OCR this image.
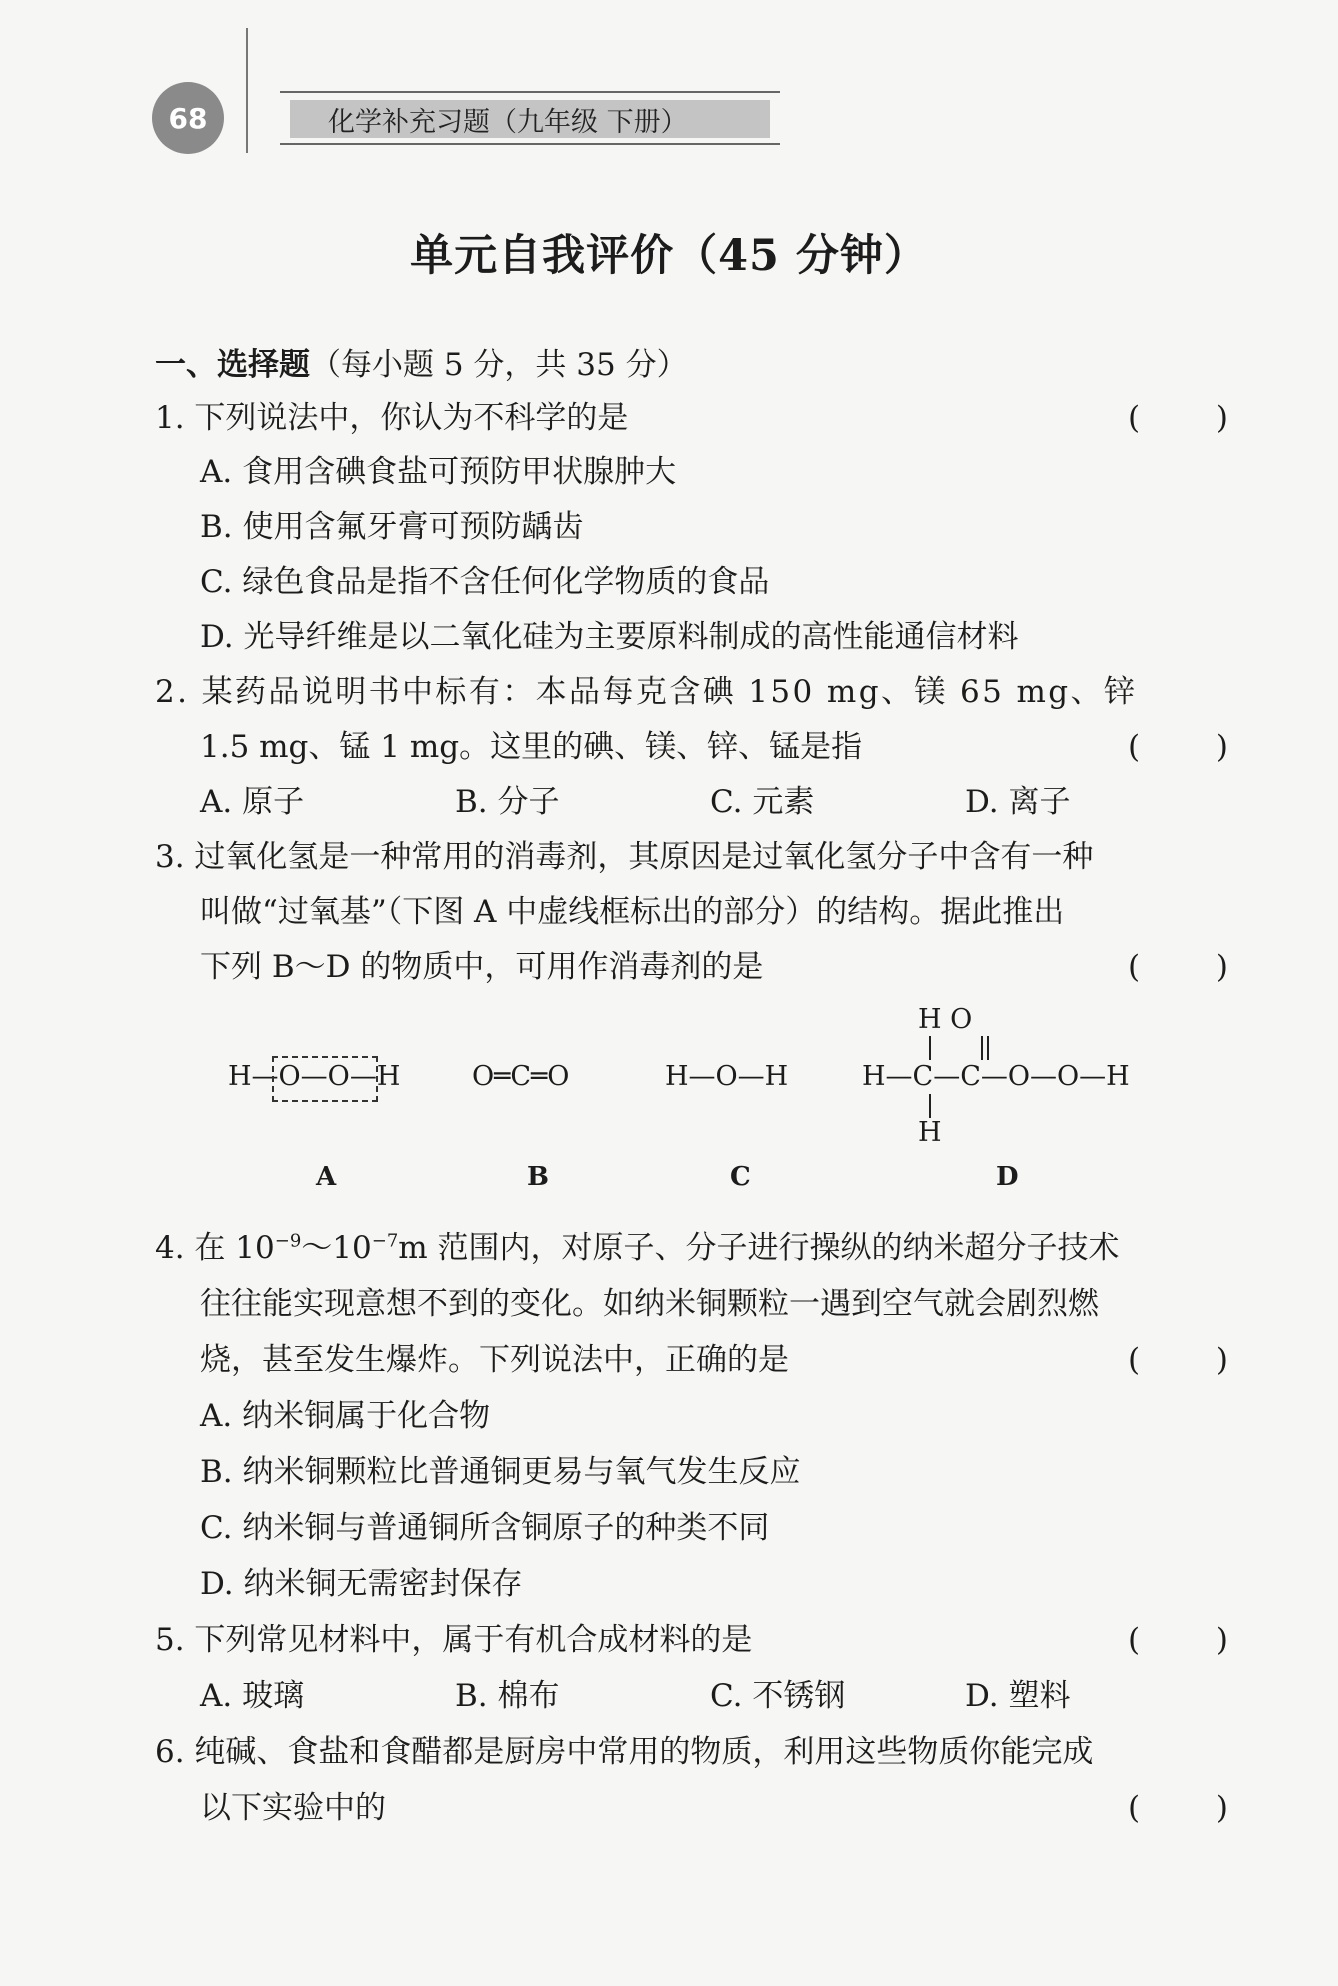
68	化学补充习题（九年级 下册）
单元自我评价（45 分钟）
一、选择题（每小题 5 分，共 35 分）
1. 下列说法中，你认为不科学的是	( )
A. 食用含碘食盐可预防甲状腺肿大
B. 使用含氟牙膏可预防龋齿
C. 绿色食品是指不含任何化学物质的食品
D. 光导纤维是以二氧化硅为主要原料制成的高性能通信材料
2. 某药品说明书中标有：本品每克含碘 150 mg、镁 65 mg、锌
1.5 mg、锰 1 mg。这里的碘、镁、锌、锰是指	( )
A. 原子	B. 分子	C. 元素	D. 离子
3. 过氧化氢是一种常用的消毒剂，其原因是过氧化氢分子中含有一种
叫做“过氧基”（下图 A 中虚线框标出的部分）的结构。据此推出
下列 B～D 的物质中，可用作消毒剂的是	( )
H—O—O—H	O═C═O	H—O—H
H O
H—C—C—O—O—H
H
A	B	C	D
4. 在 $10^{-9}\sim 10^{-7}m$ 范围内，对原子、分子进行操纵的纳米超分子技术
往往能实现意想不到的变化。如纳米铜颗粒一遇到空气就会剧烈燃
烧，甚至发生爆炸。下列说法中，正确的是	( )
A. 纳米铜属于化合物
B. 纳米铜颗粒比普通铜更易与氧气发生反应
C. 纳米铜与普通铜所含铜原子的种类不同
D. 纳米铜无需密封保存
5. 下列常见材料中，属于有机合成材料的是	( )
A. 玻璃	B. 棉布	C. 不锈钢	D. 塑料
6. 纯碱、食盐和食醋都是厨房中常用的物质，利用这些物质你能完成
以下实验中的	( )
